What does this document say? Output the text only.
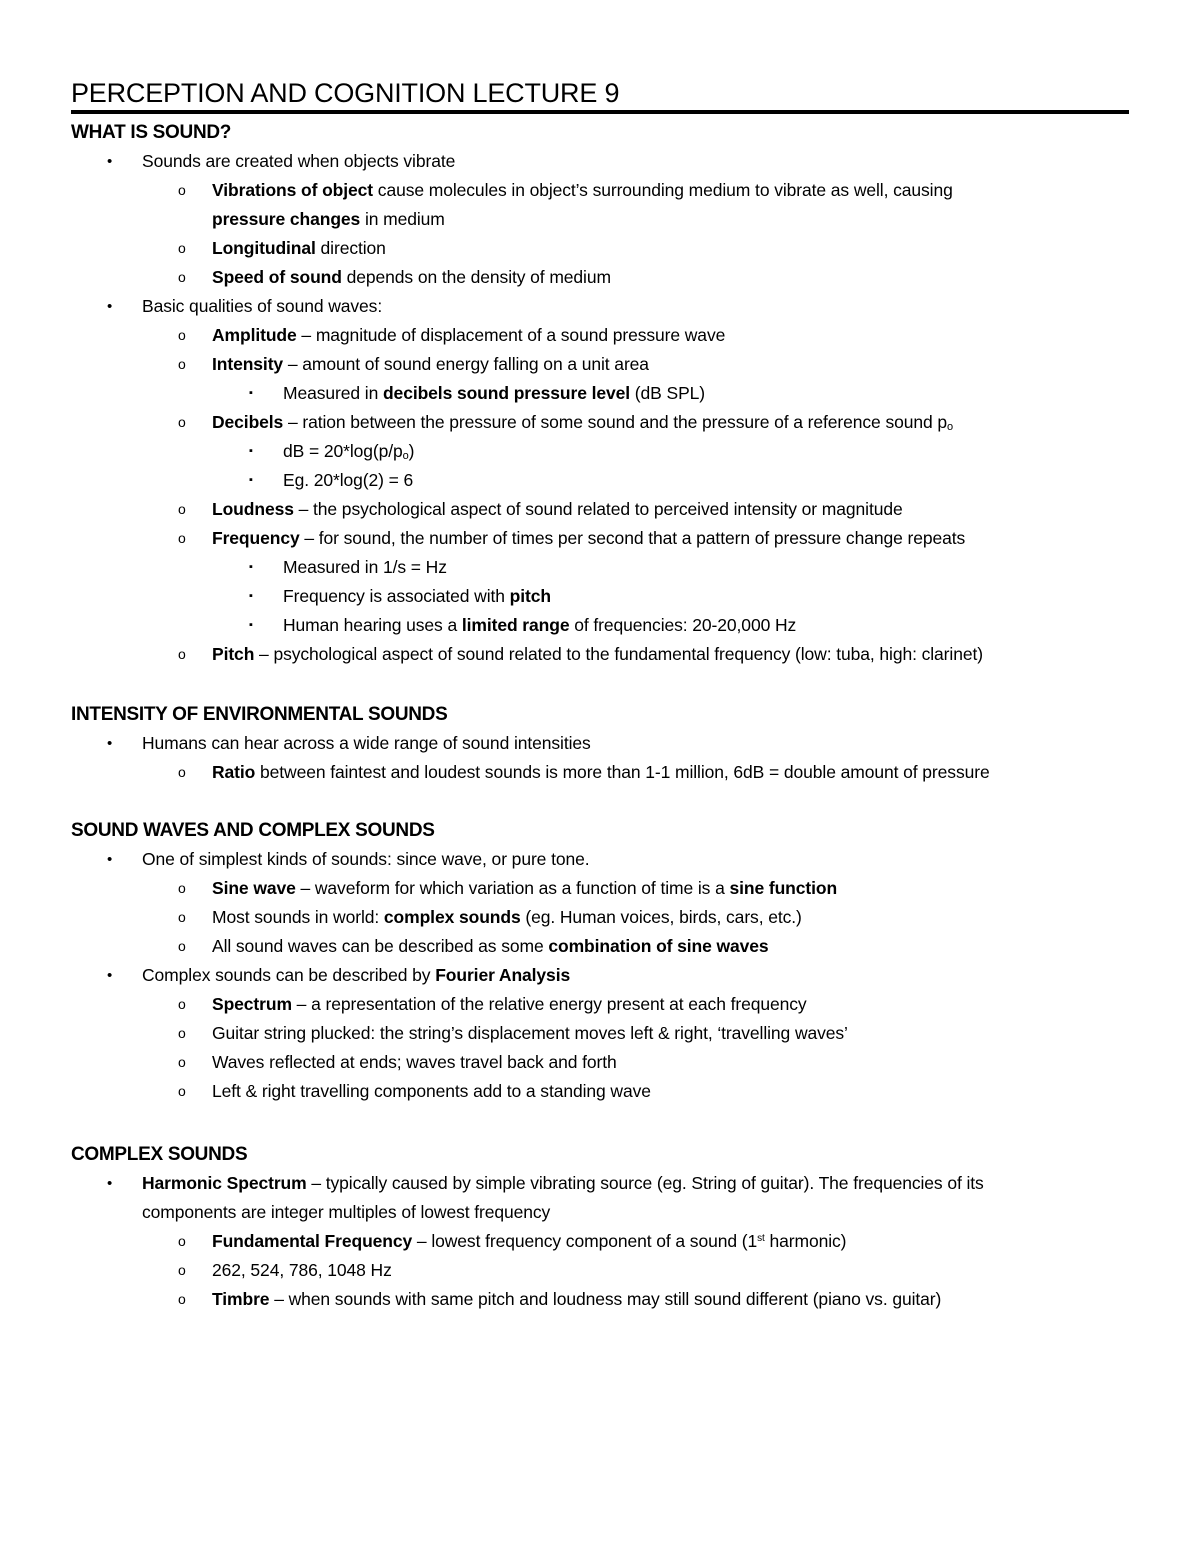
PERCEPTION AND COGNITION LECTURE 9
WHAT IS SOUND?
• Sounds are created when objects vibrate
o Vibrations of object cause molecules in object’s surrounding medium to vibrate as well, causing
pressure changes in medium
o Longitudinal direction
o Speed of sound depends on the density of medium
• Basic qualities of sound waves:
o Amplitude – magnitude of displacement of a sound pressure wave
o Intensity – amount of sound energy falling on a unit area
▪ Measured in decibels sound pressure level (dB SPL)
o Decibels – ration between the pressure of some sound and the pressure of a reference sound $p_o$
▪ dB = $20*\log(p/p_o)$
▪ Eg. 20*log(2) = 6
o Loudness – the psychological aspect of sound related to perceived intensity or magnitude
o Frequency – for sound, the number of times per second that a pattern of pressure change repeats
▪ Measured in 1/s = Hz
▪ Frequency is associated with pitch
▪ Human hearing uses a limited range of frequencies: 20-20,000 Hz
o Pitch – psychological aspect of sound related to the fundamental frequency (low: tuba, high: clarinet)
INTENSITY OF ENVIRONMENTAL SOUNDS
• Humans can hear across a wide range of sound intensities
o Ratio between faintest and loudest sounds is more than 1-1 million, 6dB = double amount of pressure
SOUND WAVES AND COMPLEX SOUNDS
• One of simplest kinds of sounds: since wave, or pure tone.
o Sine wave – waveform for which variation as a function of time is a sine function
o Most sounds in world: complex sounds (eg. Human voices, birds, cars, etc.)
o All sound waves can be described as some combination of sine waves
• Complex sounds can be described by Fourier Analysis
o Spectrum – a representation of the relative energy present at each frequency
o Guitar string plucked: the string’s displacement moves left & right, ‘travelling waves’
o Waves reflected at ends; waves travel back and forth
o Left & right travelling components add to a standing wave
COMPLEX SOUNDS
• Harmonic Spectrum – typically caused by simple vibrating source (eg. String of guitar). The frequencies of its
components are integer multiples of lowest frequency
o Fundamental Frequency – lowest frequency component of a sound (1st harmonic)
o 262, 524, 786, 1048 Hz
o Timbre – when sounds with same pitch and loudness may still sound different (piano vs. guitar)
